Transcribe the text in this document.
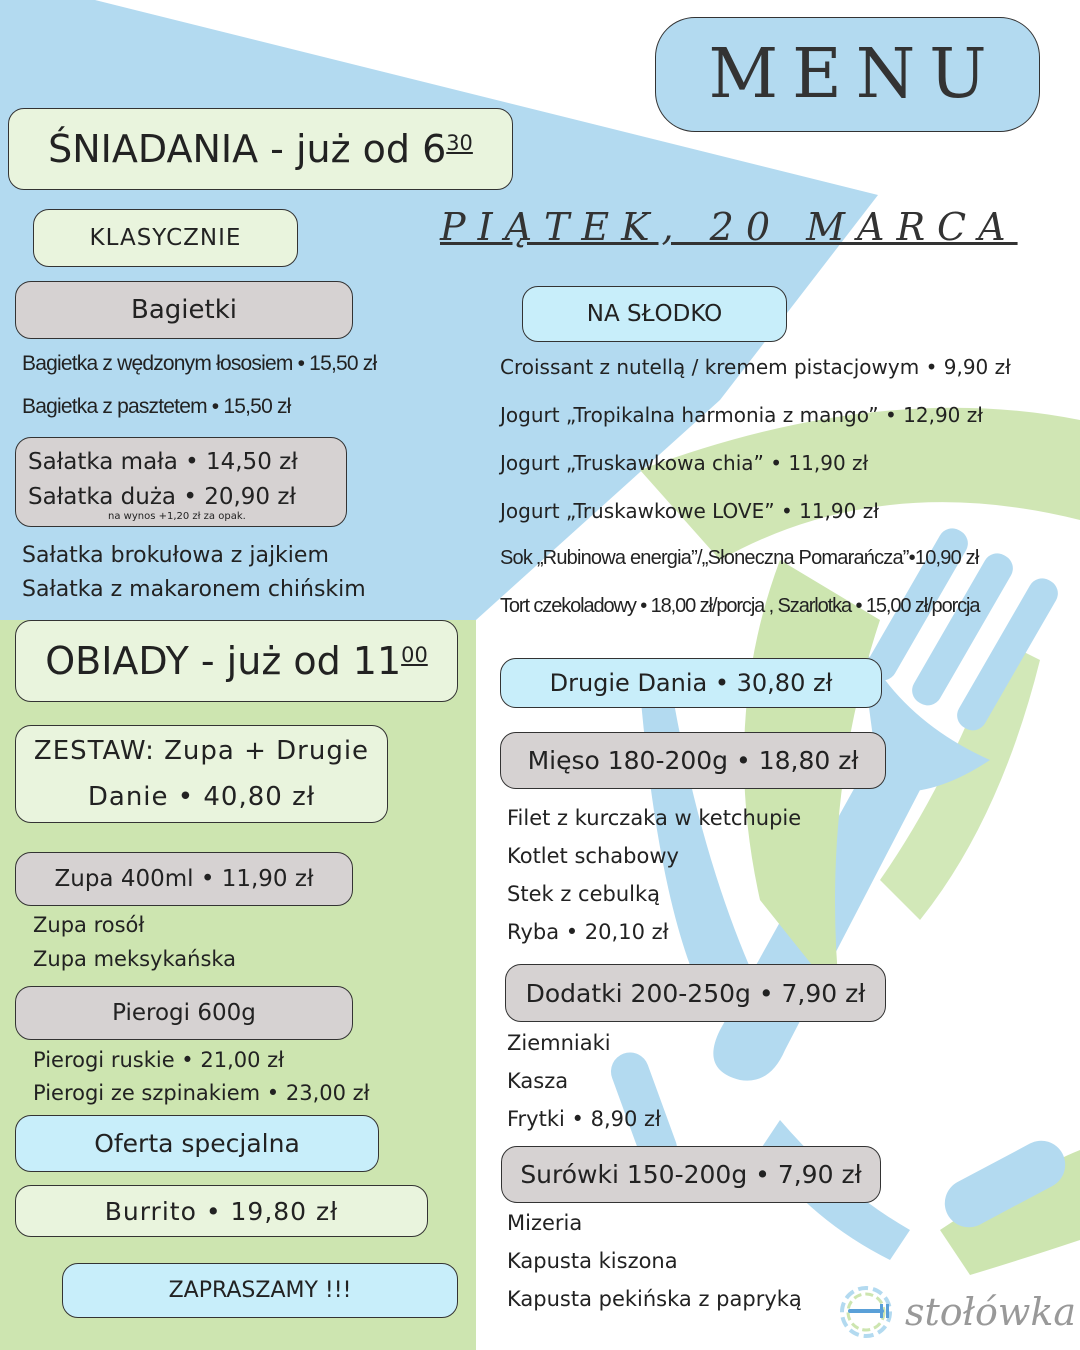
MENU
PIĄTEK, 20 MARCA
ŚNIADANIA - już od $6^{30}$
KLASYCZNIE
Bagietki
Bagietka z wędzonym łososiem • 15,50 zł
Bagietka z pasztetem • 15,50 zł
Sałatka mała • 14,50 zł
Sałatka duża • 20,90 zł
na wynos +1,20 zł za opak.
Sałatka brokułowa z jajkiem
Sałatka z makaronem chińskim
NA SŁODKO
Croissant z nutellą / kremem pistacjowym • 9,90 zł
Jogurt „Tropikalna harmonia z mango” • 12,90 zł
Jogurt „Truskawkowa chia” • 11,90 zł
Jogurt „Truskawkowe LOVE” • 11,90 zł
Sok „Rubinowa energia”/„Słoneczna Pomarańcza”•10,90 zł
Tort czekoladowy • 18,00 zł/porcja , Szarlotka • 15,00 zł/porcja
OBIADY - już od $11^{00}$
ZESTAW: Zupa + Drugie
Danie • 40,80 zł
Zupa 400ml • 11,90 zł
Zupa rosół
Zupa meksykańska
Pierogi 600g
Pierogi ruskie • 21,00 zł
Pierogi ze szpinakiem • 23,00 zł
Oferta specjalna
Burrito • 19,80 zł
ZAPRASZAMY !!!
Drugie Dania • 30,80 zł
Mięso 180-200g • 18,80 zł
Filet z kurczaka w ketchupie
Kotlet schabowy
Stek z cebulką
Ryba • 20,10 zł
Dodatki 200-250g • 7,90 zł
Ziemniaki
Kasza
Frytki • 8,90 zł
Surówki 150-200g • 7,90 zł
Mizeria
Kapusta kiszona
Kapusta pekińska z papryką	stołówka
